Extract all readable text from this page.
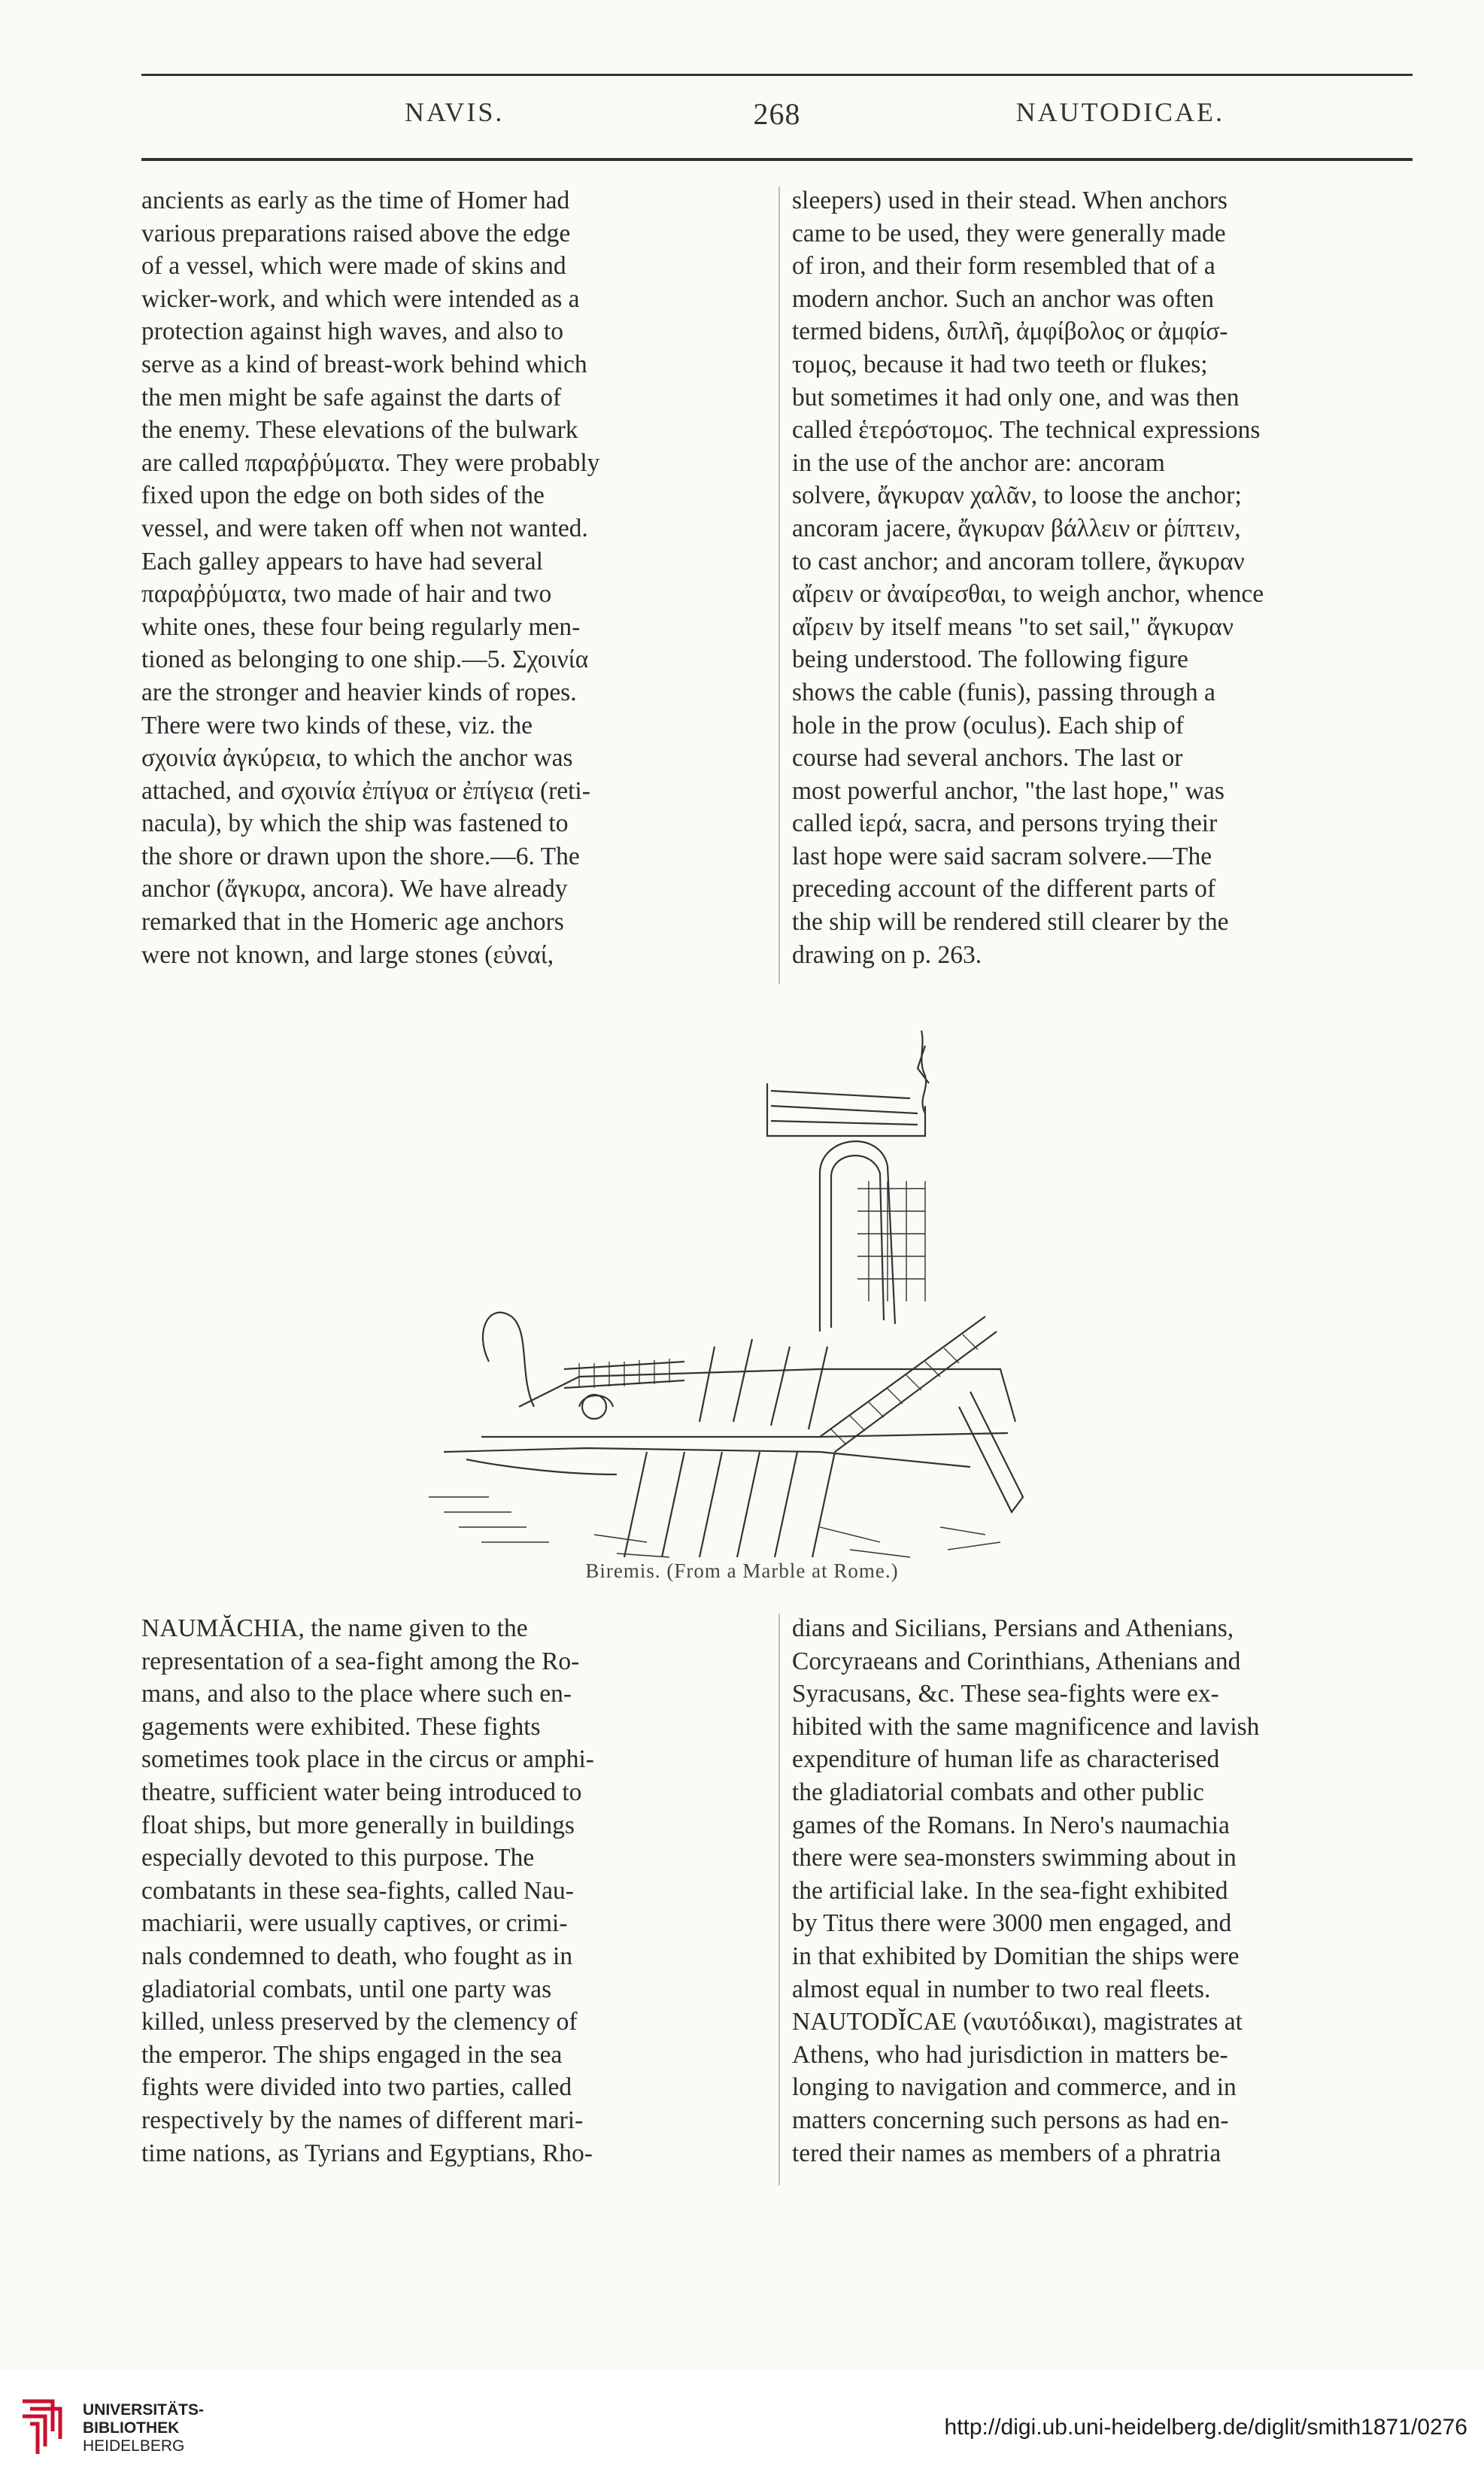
NAVIS.	268	NAUTODICAE.
ancients as early as the time of Homer had
various preparations raised above the edge
of a vessel, which were made of skins and
wicker-work, and which were intended as a
protection against high waves, and also to
serve as a kind of breast-work behind which
the men might be safe against the darts of
the enemy. These elevations of the bulwark
are called παραῤῥύματα. They were probably
fixed upon the edge on both sides of the
vessel, and were taken off when not wanted.
Each galley appears to have had several
παραῤῥύματα, two made of hair and two
white ones, these four being regularly men-
tioned as belonging to one ship.—5. Σχοινία
are the stronger and heavier kinds of ropes.
There were two kinds of these, viz. the
σχοινία ἀγκύρεια, to which the anchor was
attached, and σχοινία ἐπίγυα or ἐπίγεια (reti-
nacula), by which the ship was fastened to
the shore or drawn upon the shore.—6. The
anchor (ἄγκυρα, ancora). We have already
remarked that in the Homeric age anchors
were not known, and large stones (εὐναί,
sleepers) used in their stead. When anchors
came to be used, they were generally made
of iron, and their form resembled that of a
modern anchor. Such an anchor was often
termed bidens, διπλῆ, ἀμφίβολος or ἀμφίσ-
τομος, because it had two teeth or flukes;
but sometimes it had only one, and was then
called ἑτερόστομος. The technical expressions
in the use of the anchor are: ancoram
solvere, ἄγκυραν χαλᾶν, to loose the anchor;
ancoram jacere, ἄγκυραν βάλλειν or ῥίπτειν,
to cast anchor; and ancoram tollere, ἄγκυραν
αἴρειν or ἀναίρεσθαι, to weigh anchor, whence
αἴρειν by itself means "to set sail," ἄγκυραν
being understood. The following figure
shows the cable (funis), passing through a
hole in the prow (oculus). Each ship of
course had several anchors. The last or
most powerful anchor, "the last hope," was
called ἱερά, sacra, and persons trying their
last hope were said sacram solvere.—The
preceding account of the different parts of
the ship will be rendered still clearer by the
drawing on p. 263.
Biremis. (From a Marble at Rome.)
NAUMĂCHIA, the name given to the
representation of a sea-fight among the Ro-
mans, and also to the place where such en-
gagements were exhibited. These fights
sometimes took place in the circus or amphi-
theatre, sufficient water being introduced to
float ships, but more generally in buildings
especially devoted to this purpose. The
combatants in these sea-fights, called Nau-
machiarii, were usually captives, or crimi-
nals condemned to death, who fought as in
gladiatorial combats, until one party was
killed, unless preserved by the clemency of
the emperor. The ships engaged in the sea
fights were divided into two parties, called
respectively by the names of different mari-
time nations, as Tyrians and Egyptians, Rho-
dians and Sicilians, Persians and Athenians,
Corcyraeans and Corinthians, Athenians and
Syracusans, &c. These sea-fights were ex-
hibited with the same magnificence and lavish
expenditure of human life as characterised
the gladiatorial combats and other public
games of the Romans. In Nero's naumachia
there were sea-monsters swimming about in
the artificial lake. In the sea-fight exhibited
by Titus there were 3000 men engaged, and
in that exhibited by Domitian the ships were
almost equal in number to two real fleets.
NAUTODĬCAE (ναυτόδικαι), magistrates at
Athens, who had jurisdiction in matters be-
longing to navigation and commerce, and in
matters concerning such persons as had en-
tered their names as members of a phratria
UNIVERSITÄTS-
BIBLIOTHEK
HEIDELBERG
http://digi.ub.uni-heidelberg.de/diglit/smith1871/0276
